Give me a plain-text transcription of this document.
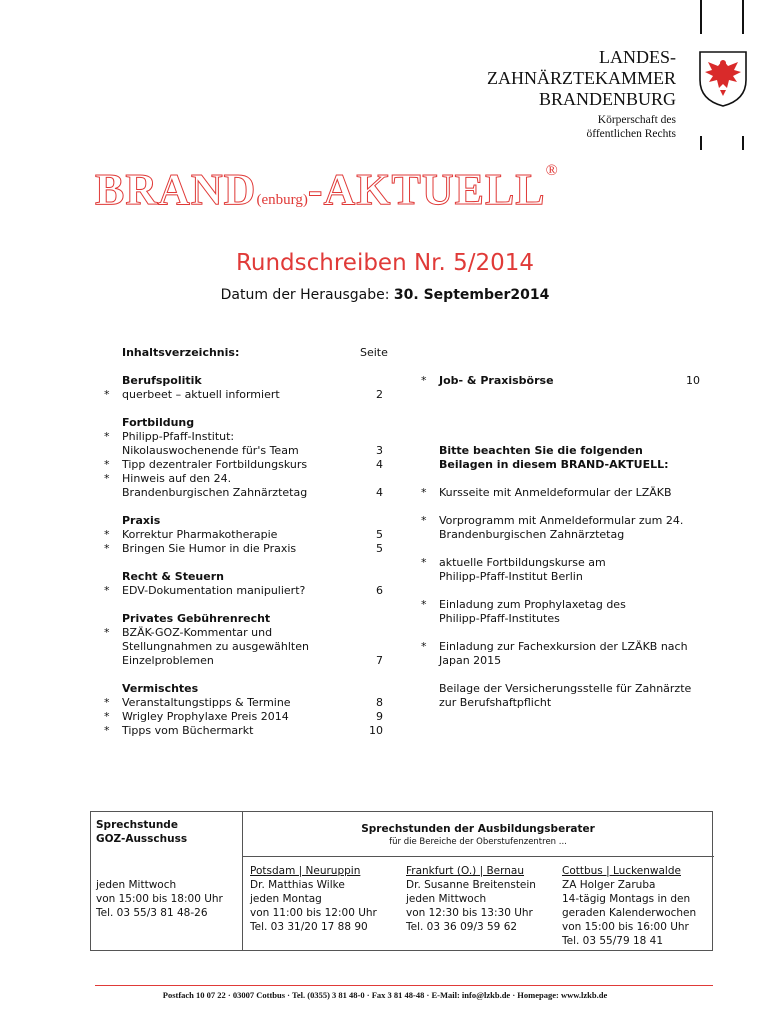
LANDES-
ZAHNÄRZTEKAMMER
BRANDENBURG
Körperschaft des
öffentlichen Rechts
BRAND(enburg)-AKTUELL®
Rundschreiben Nr. 5/2014
Datum der Herausgabe: 30. September2014
Inhaltsverzeichnis:	Seite
Berufspolitik
* querbeet – aktuell informiert	2
Fortbildung
* Philipp-Pfaff-Institut:
Nikolauswochenende für's Team	3
* Tipp dezentraler Fortbildungskurs	4
* Hinweis auf den 24.
Brandenburgischen Zahnärztetag	4
Praxis
* Korrektur Pharmakotherapie	5
* Bringen Sie Humor in die Praxis	5
Recht & Steuern
* EDV-Dokumentation manipuliert?	6
Privates Gebührenrecht
* BZÄK-GOZ-Kommentar und
Stellungnahmen zu ausgewählten
Einzelproblemen	7
Vermischtes
* Veranstaltungstipps & Termine	8
* Wrigley Prophylaxe Preis 2014	9
* Tipps vom Büchermarkt	10
* Job- & Praxisbörse	10
Bitte beachten Sie die folgenden
Beilagen in diesem BRAND-AKTUELL:
* Kursseite mit Anmeldeformular der LZÄKB
* Vorprogramm mit Anmeldeformular zum 24.
Brandenburgischen Zahnärztetag
* aktuelle Fortbildungskurse am
Philipp-Pfaff-Institut Berlin
* Einladung zum Prophylaxetag des
Philipp-Pfaff-Institutes
* Einladung zur Fachexkursion der LZÄKB nach
Japan 2015
Beilage der Versicherungsstelle für Zahnärzte
zur Berufshaftpflicht
Sprechstunde
GOZ-Ausschuss
jeden Mittwoch
von 15:00 bis 18:00 Uhr
Tel. 03 55/3 81 48-26
Sprechstunden der Ausbildungsberater
für die Bereiche der Oberstufenzentren ...
Potsdam | Neuruppin
Dr. Matthias Wilke
jeden Montag
von 11:00 bis 12:00 Uhr
Tel. 03 31/20 17 88 90
Frankfurt (O.) | Bernau
Dr. Susanne Breitenstein
jeden Mittwoch
von 12:30 bis 13:30 Uhr
Tel. 03 36 09/3 59 62
Cottbus | Luckenwalde
ZA Holger Zaruba
14-tägig Montags in den
geraden Kalenderwochen
von 15:00 bis 16:00 Uhr
Tel. 03 55/79 18 41
Postfach 10 07 22 · 03007 Cottbus · Tel. (0355) 3 81 48-0 · Fax 3 81 48-48 · E-Mail: info@lzkb.de · Homepage: www.lzkb.de
